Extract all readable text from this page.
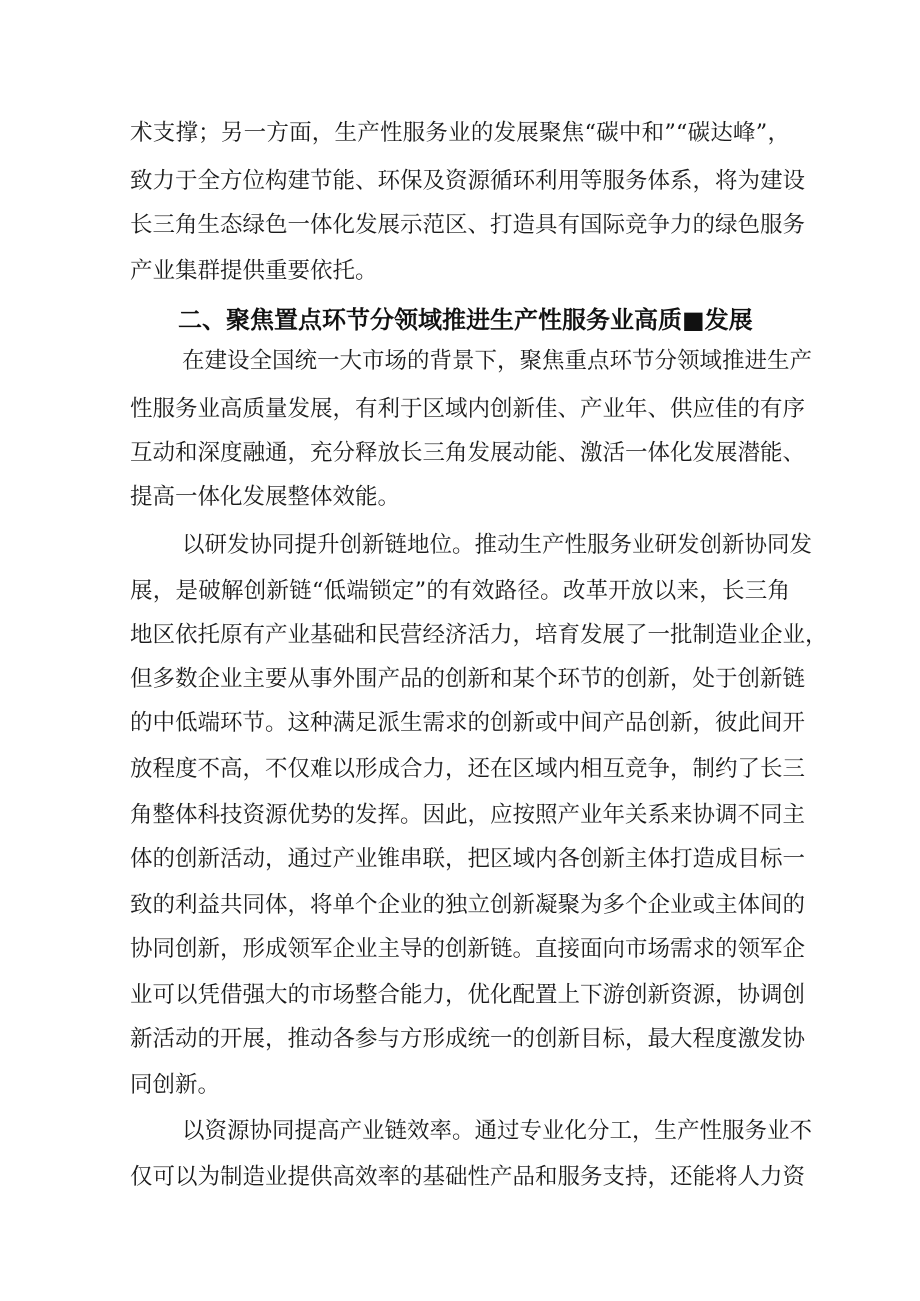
术支撑；另一方面，生产性服务业的发展聚焦“碳中和”“碳达峰”，
致力于全方位构建节能、环保及资源循环利用等服务体系，将为建设
长三角生态绿色一体化发展示范区、打造具有国际竞争力的绿色服务
产业集群提供重要依托。
二、聚焦置点环节分领域推进生产性服务业高质■发展
在建设全国统一大市场的背景下，聚焦重点环节分领域推进生产
性服务业高质量发展，有利于区域内创新佳、产业年、供应佳的有序
互动和深度融通，充分释放长三角发展动能、激活一体化发展潜能、
提高一体化发展整体效能。
以研发协同提升创新链地位。推动生产性服务业研发创新协同发
展，是破解创新链“低端锁定”的有效路径。改革开放以来，长三角
地区依托原有产业基础和民营经济活力，培育发展了一批制造业企业，
但多数企业主要从事外围产品的创新和某个环节的创新，处于创新链
的中低端环节。这种满足派生需求的创新或中间产品创新，彼此间开
放程度不高，不仅难以形成合力，还在区域内相互竞争，制约了长三
角整体科技资源优势的发挥。因此，应按照产业年关系来协调不同主
体的创新活动，通过产业锥串联，把区域内各创新主体打造成目标一
致的利益共同体，将单个企业的独立创新凝聚为多个企业或主体间的
协同创新，形成领军企业主导的创新链。直接面向市场需求的领军企
业可以凭借强大的市场整合能力，优化配置上下游创新资源，协调创
新活动的开展，推动各参与方形成统一的创新目标，最大程度激发协
同创新。
以资源协同提高产业链效率。通过专业化分工，生产性服务业不
仅可以为制造业提供高效率的基础性产品和服务支持，还能将人力资
